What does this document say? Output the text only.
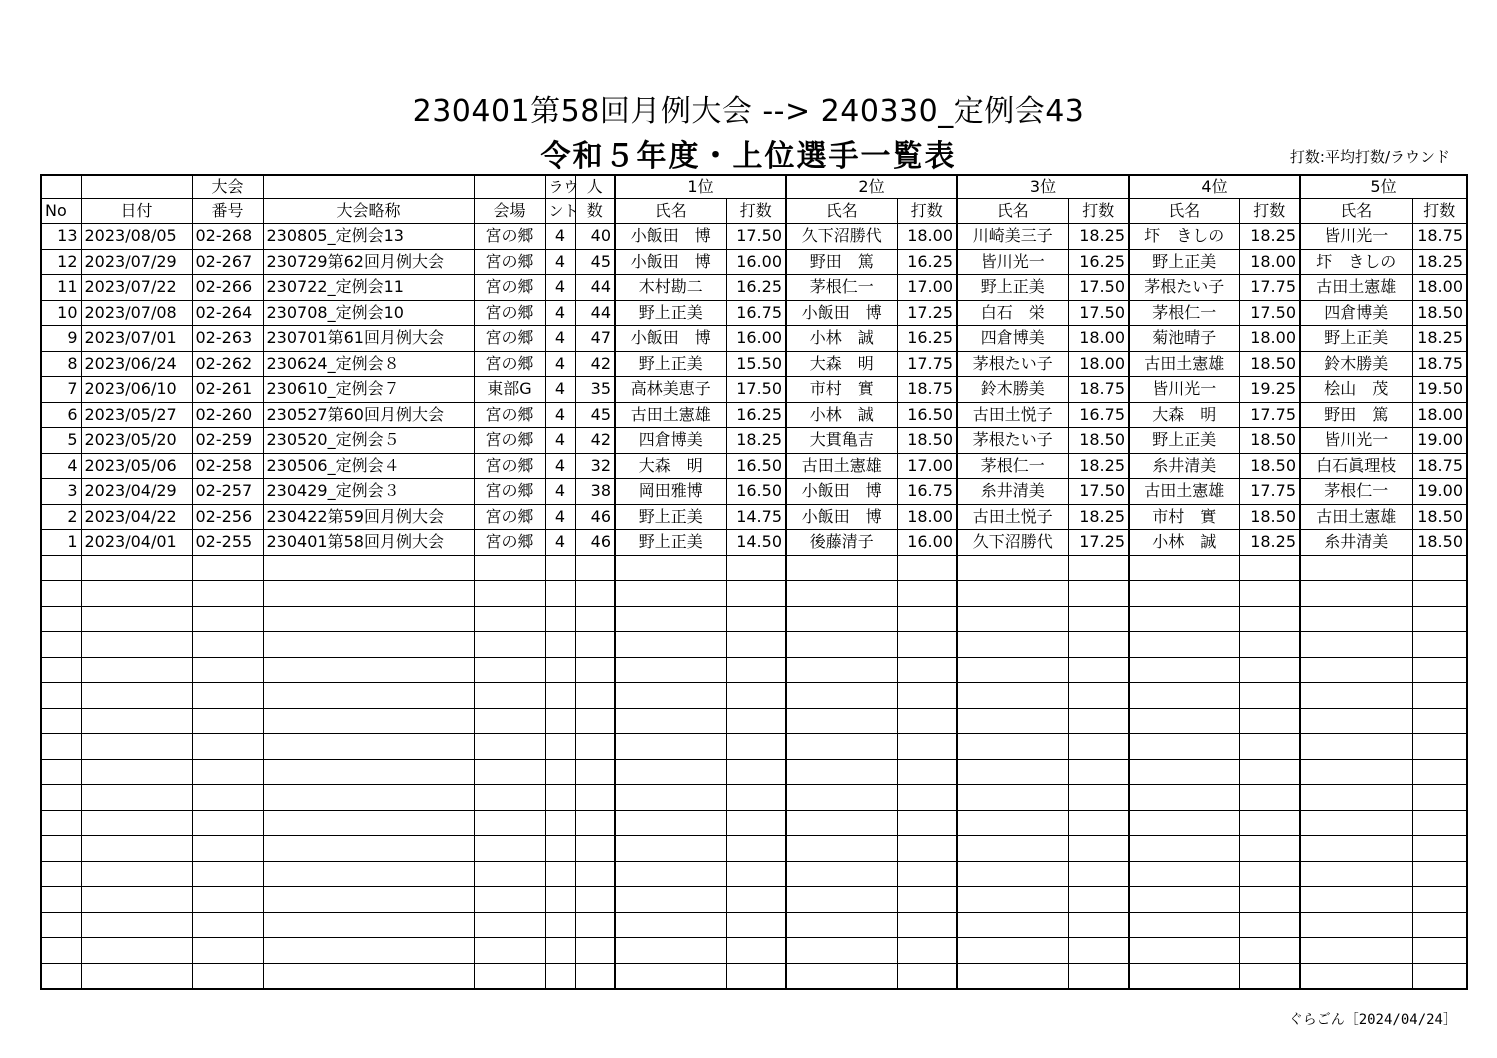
230401第58回月例大会 --> 240330_定例会43
令和５年度・上位選手一覧表	打数:平均打数/ラウンド
		大会			ラウ	人	1位		2位		3位		4位		5位	
No	日付	番号	大会略称	会場	ント	数	氏名	打数	氏名	打数	氏名	打数	氏名	打数	氏名	打数
13	2023/08/05	02-268	230805_定例会13	宮の郷	4	40	小飯田　博	17.50	久下沼勝代	18.00	川崎美三子	18.25	圷　きしの	18.25	皆川光一	18.75
12	2023/07/29	02-267	230729第62回月例大会	宮の郷	4	45	小飯田　博	16.00	野田　篤	16.25	皆川光一	16.25	野上正美	18.00	圷　きしの	18.25
11	2023/07/22	02-266	230722_定例会11	宮の郷	4	44	木村勘二	16.25	茅根仁一	17.00	野上正美	17.50	茅根たい子	17.75	古田土憲雄	18.00
10	2023/07/08	02-264	230708_定例会10	宮の郷	4	44	野上正美	16.75	小飯田　博	17.25	白石　栄	17.50	茅根仁一	17.50	四倉博美	18.50
9	2023/07/01	02-263	230701第61回月例大会	宮の郷	4	47	小飯田　博	16.00	小林　誠	16.25	四倉博美	18.00	菊池晴子	18.00	野上正美	18.25
8	2023/06/24	02-262	230624_定例会８	宮の郷	4	42	野上正美	15.50	大森　明	17.75	茅根たい子	18.00	古田土憲雄	18.50	鈴木勝美	18.75
7	2023/06/10	02-261	230610_定例会７	東部G	4	35	高林美恵子	17.50	市村　實	18.75	鈴木勝美	18.75	皆川光一	19.25	桧山　茂	19.50
6	2023/05/27	02-260	230527第60回月例大会	宮の郷	4	45	古田土憲雄	16.25	小林　誠	16.50	古田土悦子	16.75	大森　明	17.75	野田　篤	18.00
5	2023/05/20	02-259	230520_定例会５	宮の郷	4	42	四倉博美	18.25	大貫亀吉	18.50	茅根たい子	18.50	野上正美	18.50	皆川光一	19.00
4	2023/05/06	02-258	230506_定例会４	宮の郷	4	32	大森　明	16.50	古田土憲雄	17.00	茅根仁一	18.25	糸井清美	18.50	白石眞理枝	18.75
3	2023/04/29	02-257	230429_定例会３	宮の郷	4	38	岡田雅博	16.50	小飯田　博	16.75	糸井清美	17.50	古田土憲雄	17.75	茅根仁一	19.00
2	2023/04/22	02-256	230422第59回月例大会	宮の郷	4	46	野上正美	14.75	小飯田　博	18.00	古田土悦子	18.25	市村　實	18.50	古田土憲雄	18.50
1	2023/04/01	02-255	230401第58回月例大会	宮の郷	4	46	野上正美	14.50	後藤清子	16.00	久下沼勝代	17.25	小林　誠	18.25	糸井清美	18.50

ぐらごん［2024/04/24］
